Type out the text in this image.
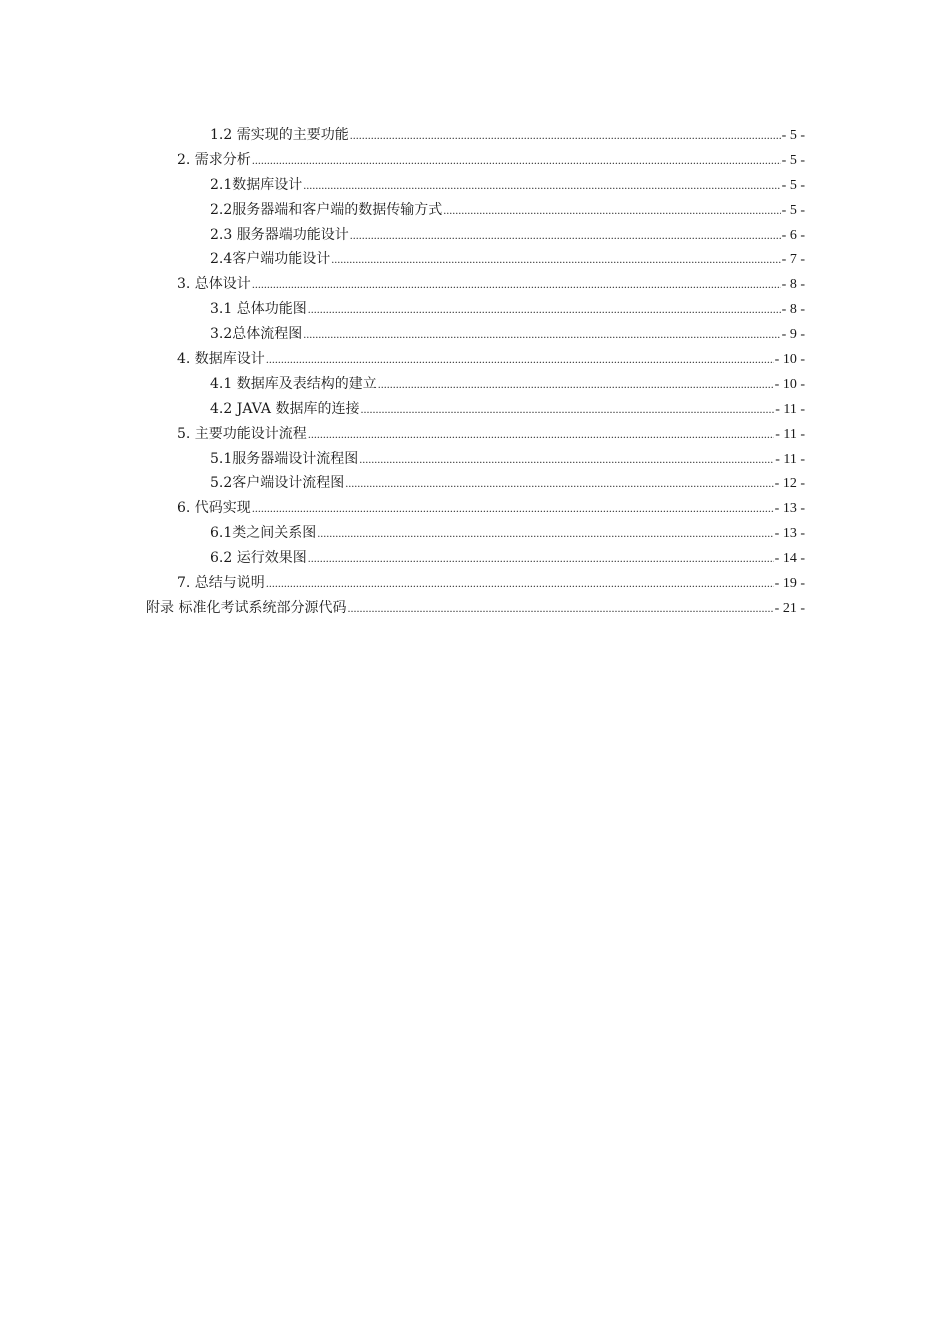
1.2 需实现的主要功能 .....	- 5 -
2. 需求分析 .....	- 5 -
2.1数据库设计 .....	- 5 -
2.2服务器端和客户端的数据传输方式 .....	- 5 -
2.3 服务器端功能设计 .....	- 6 -
2.4客户端功能设计 .....	- 7 -
3. 总体设计 .....	- 8 -
3.1 总体功能图 .....	- 8 -
3.2总体流程图 .....	- 9 -
4. 数据库设计 .....	- 10 -
4.1 数据库及表结构的建立 .....	- 10 -
4.2 JAVA 数据库的连接 .....	- 11 -
5. 主要功能设计流程 .....	- 11 -
5.1服务器端设计流程图 .....	- 11 -
5.2客户端设计流程图 .....	- 12 -
6. 代码实现 .....	- 13 -
6.1类之间关系图 .....	- 13 -
6.2 运行效果图 .....	- 14 -
7. 总结与说明 .....	- 19 -
附录 标准化考试系统部分源代码 .....	- 21 -
